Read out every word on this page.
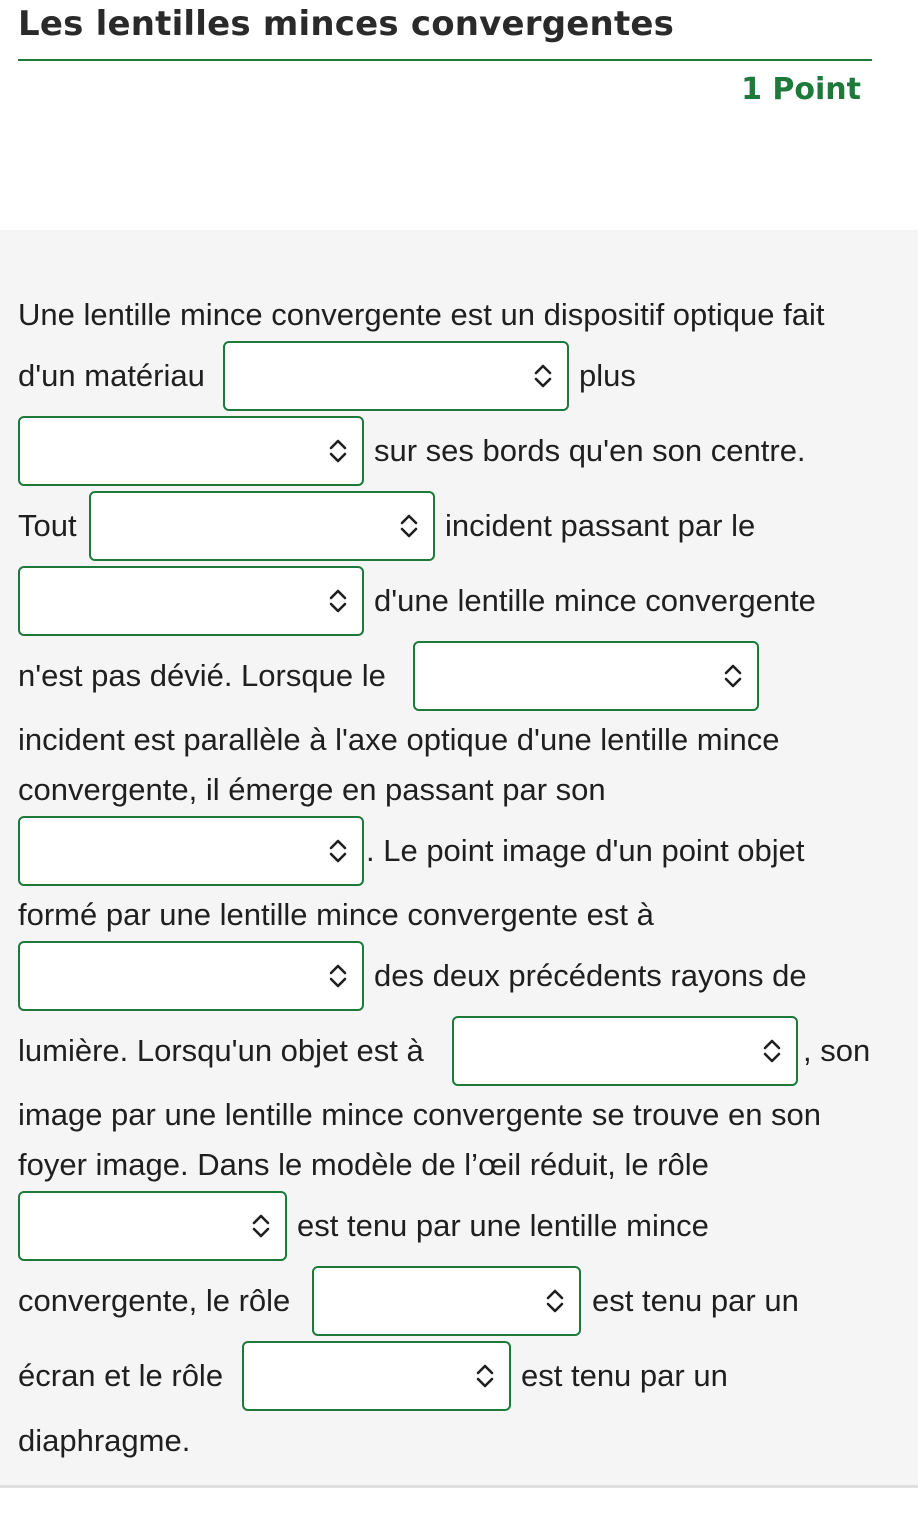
Les lentilles minces convergentes
1 Point
Une lentille mince convergente est un dispositif optique fait
d'un matériau	plus
sur ses bords qu'en son centre.
Tout	incident passant par le
d'une lentille mince convergente
n'est pas dévié. Lorsque le
incident est parallèle à l'axe optique d'une lentille mince
convergente, il émerge en passant par son
. Le point image d'un point objet
formé par une lentille mince convergente est à
des deux précédents rayons de
lumière. Lorsqu'un objet est à	, son
image par une lentille mince convergente se trouve en son
foyer image. Dans le modèle de l’œil réduit, le rôle
est tenu par une lentille mince
convergente, le rôle	est tenu par un
écran et le rôle	est tenu par un
diaphragme.
